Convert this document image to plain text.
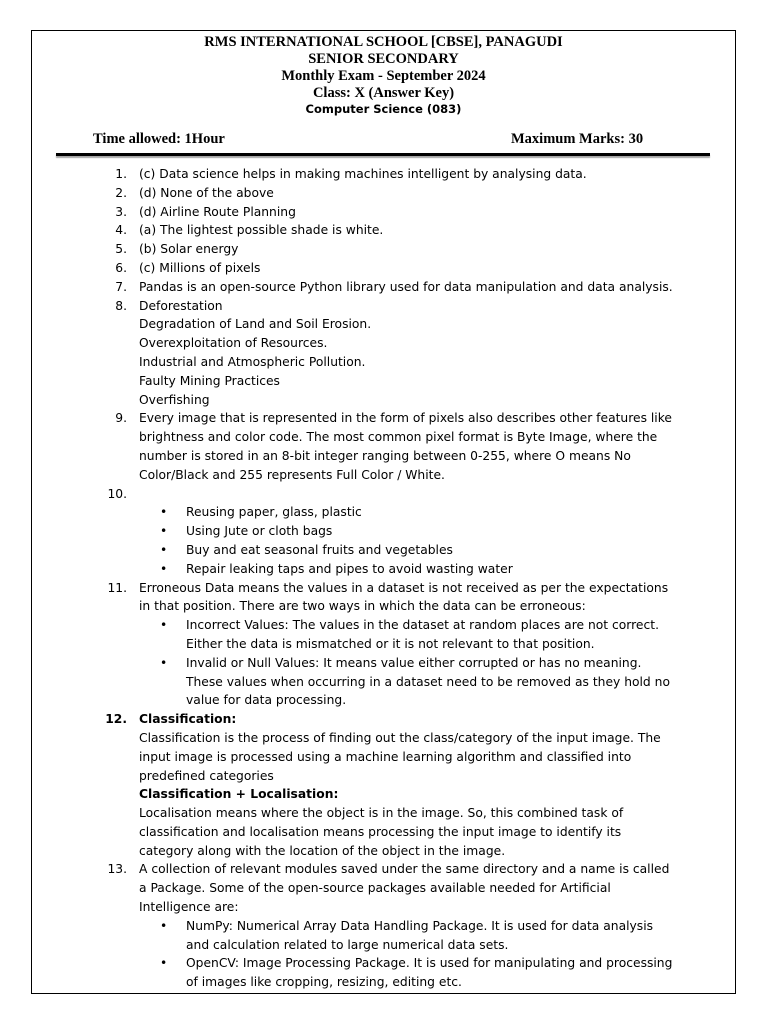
RMS INTERNATIONAL SCHOOL [CBSE], PANAGUDI
SENIOR SECONDARY
Monthly Exam - September 2024
Class: X (Answer Key)
Computer Science (083)
Time allowed: 1Hour	Maximum Marks: 30
1. (c) Data science helps in making machines intelligent by analysing data.
2. (d) None of the above
3. (d) Airline Route Planning
4. (a) The lightest possible shade is white.
5. (b) Solar energy
6. (c) Millions of pixels
7. Pandas is an open-source Python library used for data manipulation and data analysis.
8. Deforestation
Degradation of Land and Soil Erosion.
Overexploitation of Resources.
Industrial and Atmospheric Pollution.
Faulty Mining Practices
Overfishing
9. Every image that is represented in the form of pixels also describes other features like brightness and color code. The most common pixel format is Byte Image, where the number is stored in an 8-bit integer ranging between 0-255, where O means No Color/Black and 255 represents Full Color / White.
10.
• Reusing paper, glass, plastic
• Using Jute or cloth bags
• Buy and eat seasonal fruits and vegetables
• Repair leaking taps and pipes to avoid wasting water
11. Erroneous Data means the values in a dataset is not received as per the expectations in that position. There are two ways in which the data can be erroneous:
• Incorrect Values: The values in the dataset at random places are not correct. Either the data is mismatched or it is not relevant to that position.
• Invalid or Null Values: It means value either corrupted or has no meaning. These values when occurring in a dataset need to be removed as they hold no value for data processing.
12. Classification:
Classification is the process of finding out the class/category of the input image. The input image is processed using a machine learning algorithm and classified into predefined categories
Classification + Localisation:
Localisation means where the object is in the image. So, this combined task of classification and localisation means processing the input image to identify its category along with the location of the object in the image.
13. A collection of relevant modules saved under the same directory and a name is called a Package. Some of the open-source packages available needed for Artificial Intelligence are:
• NumPy: Numerical Array Data Handling Package. It is used for data analysis and calculation related to large numerical data sets.
• OpenCV: Image Processing Package. It is used for manipulating and processing of images like cropping, resizing, editing etc.
